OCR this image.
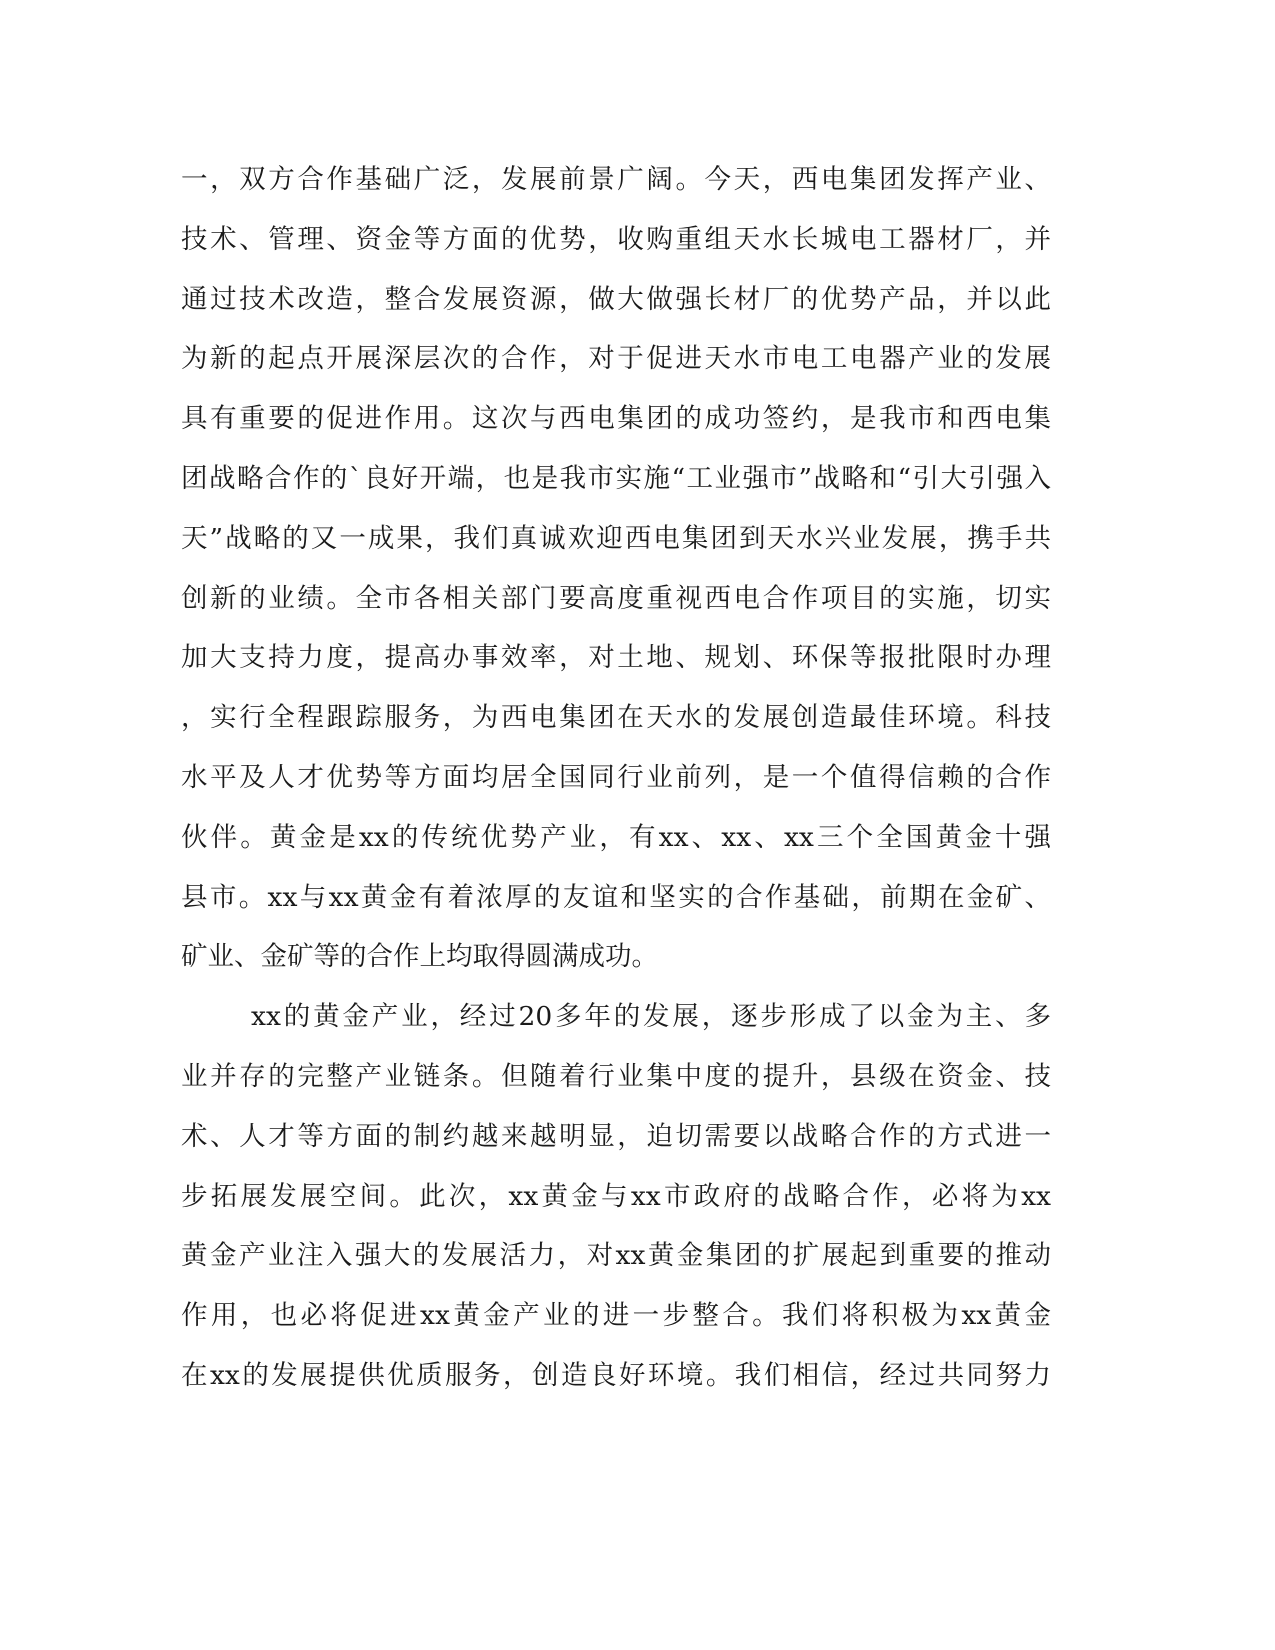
一，双方合作基础广泛，发展前景广阔。今天，西电集团发挥产业、
技术、管理、资金等方面的优势，收购重组天水长城电工器材厂，并
通过技术改造，整合发展资源，做大做强长材厂的优势产品，并以此
为新的起点开展深层次的合作，对于促进天水市电工电器产业的发展
具有重要的促进作用。这次与西电集团的成功签约，是我市和西电集
团战略合作的`良好开端，也是我市实施“工业强市”战略和“引大引强入
天”战略的又一成果，我们真诚欢迎西电集团到天水兴业发展，携手共
创新的业绩。全市各相关部门要高度重视西电合作项目的实施，切实
加大支持力度，提高办事效率，对土地、规划、环保等报批限时办理
，实行全程跟踪服务，为西电集团在天水的发展创造最佳环境。科技
水平及人才优势等方面均居全国同行业前列，是一个值得信赖的合作
伙伴。黄金是xx的传统优势产业，有xx、xx、xx三个全国黄金十强
县市。xx与xx黄金有着浓厚的友谊和坚实的合作基础，前期在金矿、
矿业、金矿等的合作上均取得圆满成功。
xx的黄金产业，经过20多年的发展，逐步形成了以金为主、多
业并存的完整产业链条。但随着行业集中度的提升，县级在资金、技
术、人才等方面的制约越来越明显，迫切需要以战略合作的方式进一
步拓展发展空间。此次，xx黄金与xx市政府的战略合作，必将为xx
黄金产业注入强大的发展活力，对xx黄金集团的扩展起到重要的推动
作用，也必将促进xx黄金产业的进一步整合。我们将积极为xx黄金
在xx的发展提供优质服务，创造良好环境。我们相信，经过共同努力
